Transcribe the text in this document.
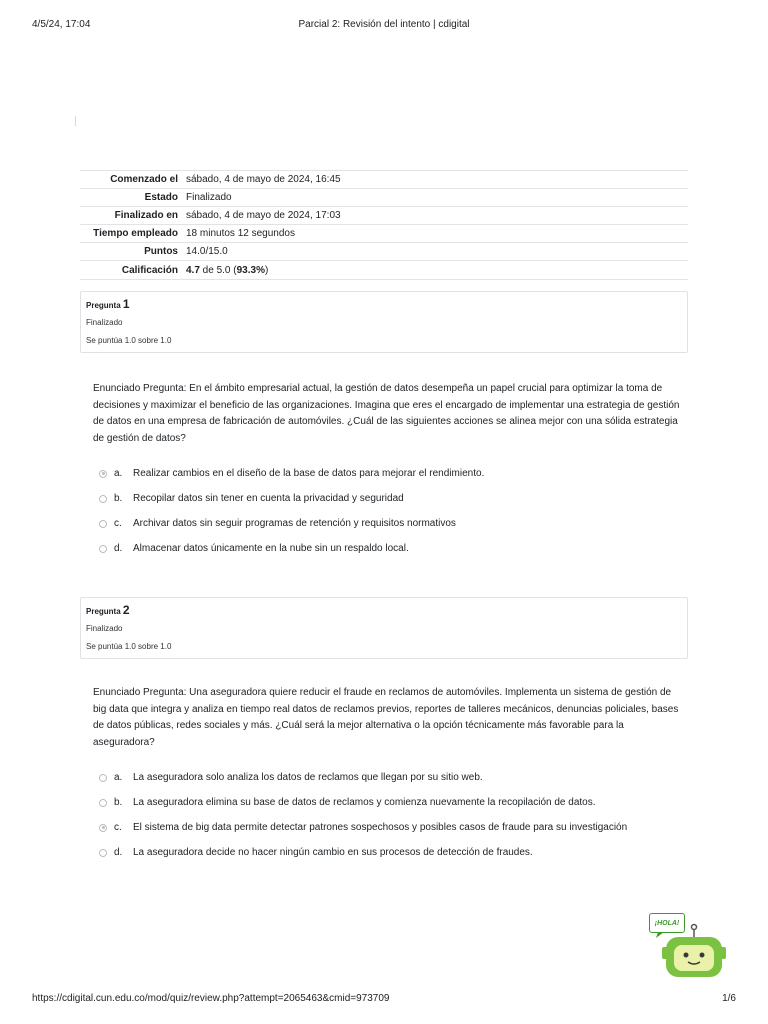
4/5/24, 17:04	Parcial 2: Revisión del intento | cdigital
Comenzado el	sábado, 4 de mayo de 2024, 16:45
Estado	Finalizado
Finalizado en	sábado, 4 de mayo de 2024, 17:03
Tiempo empleado	18 minutos 12 segundos
Puntos	14.0/15.0
Calificación	4.7 de 5.0 (93.3%)
Pregunta 1
Finalizado
Se puntúa 1.0 sobre 1.0
Enunciado Pregunta: En el ámbito empresarial actual, la gestión de datos desempeña un papel crucial para optimizar la toma de decisiones y maximizar el beneficio de las organizaciones. Imagina que eres el encargado de implementar una estrategia de gestión de datos en una empresa de fabricación de automóviles. ¿Cuál de las siguientes acciones se alinea mejor con una sólida estrategia de gestión de datos?
a.	Realizar cambios en el diseño de la base de datos para mejorar el rendimiento.
b.	Recopilar datos sin tener en cuenta la privacidad y seguridad
c.	Archivar datos sin seguir programas de retención y requisitos normativos
d.	Almacenar datos únicamente en la nube sin un respaldo local.
Pregunta 2
Finalizado
Se puntúa 1.0 sobre 1.0
Enunciado Pregunta: Una aseguradora quiere reducir el fraude en reclamos de automóviles. Implementa un sistema de gestión de big data que integra y analiza en tiempo real datos de reclamos previos, reportes de talleres mecánicos, denuncias policiales, bases de datos públicas, redes sociales y más. ¿Cuál será la mejor alternativa o la opción técnicamente más favorable para la aseguradora?
a.	La aseguradora solo analiza los datos de reclamos que llegan por su sitio web.
b.	La aseguradora elimina su base de datos de reclamos y comienza nuevamente la recopilación de datos.
c.	El sistema de big data permite detectar patrones sospechosos y posibles casos de fraude para su investigación
d.	La aseguradora decide no hacer ningún cambio en sus procesos de detección de fraudes.
¡HOLA!
https://cdigital.cun.edu.co/mod/quiz/review.php?attempt=2065463&cmid=973709	1/6
